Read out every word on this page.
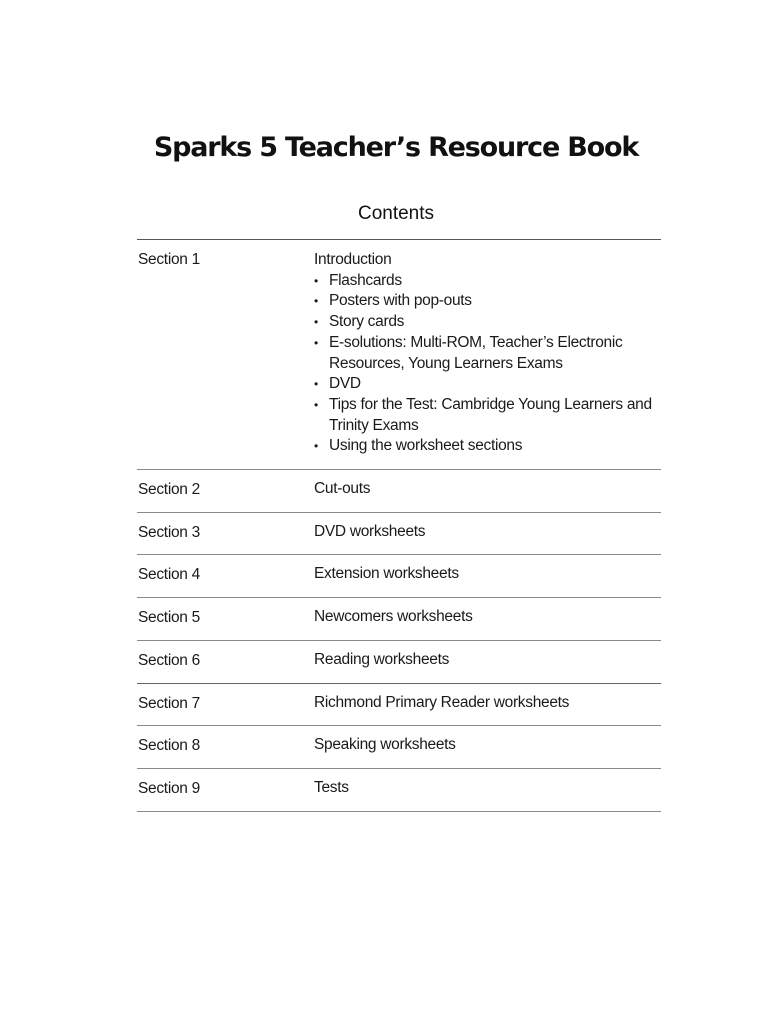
Sparks 5 Teacher’s Resource Book
Contents
Section 1	Introduction
• Flashcards
• Posters with pop-outs
• Story cards
• E-solutions: Multi-ROM, Teacher’s Electronic Resources, Young Learners Exams
• DVD
• Tips for the Test: Cambridge Young Learners and Trinity Exams
• Using the worksheet sections
Section 2	Cut-outs
Section 3	DVD worksheets
Section 4	Extension worksheets
Section 5	Newcomers worksheets
Section 6	Reading worksheets
Section 7	Richmond Primary Reader worksheets
Section 8	Speaking worksheets
Section 9	Tests
